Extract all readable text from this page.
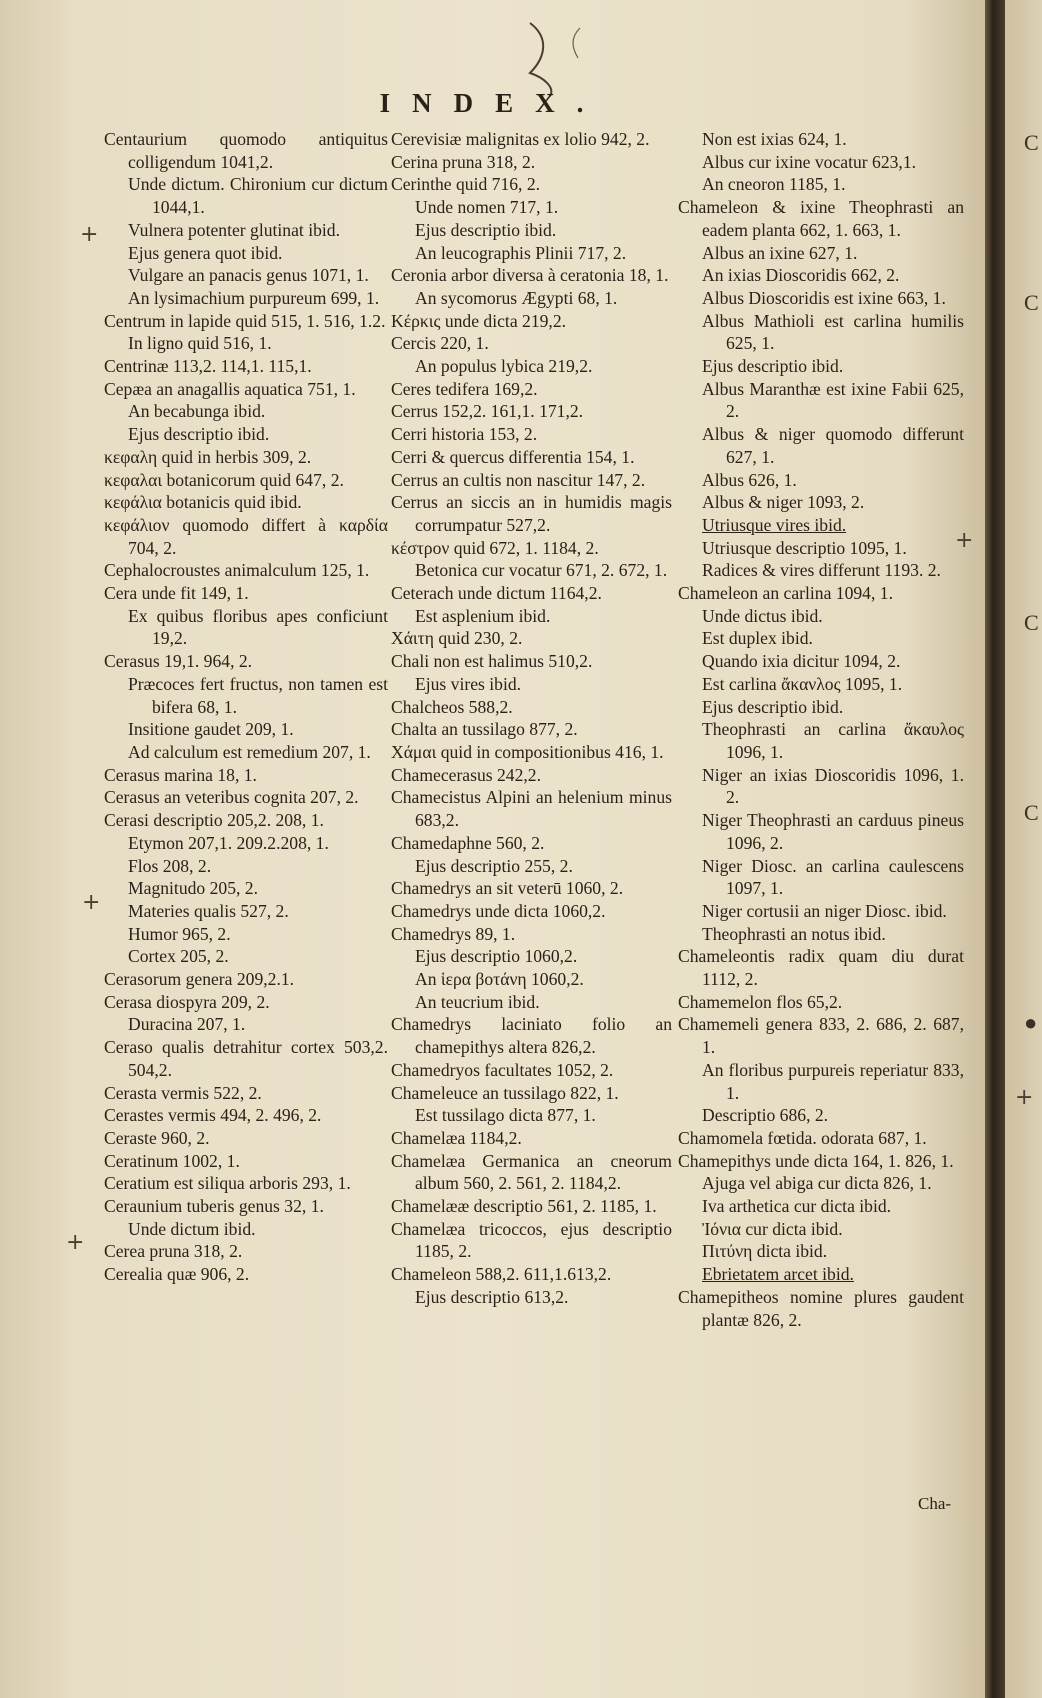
INDEX.
Centaurium quomodo antiquitus colligendum 1041,2.
Unde dictum. Chironium cur dictum 1044,1.
Vulnera potenter glutinat ibid.
Ejus genera quot ibid.
Vulgare an panacis genus 1071, 1.
An lysimachium purpureum 699, 1.
Centrum in lapide quid 515, 1. 516, 1.2.
In ligno quid 516, 1.
Centrinæ 113,2. 114,1. 115,1.
Cepæa an anagallis aquatica 751, 1.
An becabunga ibid.
Ejus descriptio ibid.
κεφαλη quid in herbis 309, 2.
κεφαλαι botanicorum quid 647, 2.
κεφάλια botanicis quid ibid.
κεφάλιον quomodo differt à καρδία 704, 2.
Cephalocroustes animalculum 125, 1.
Cera unde fit 149, 1.
Ex quibus floribus apes conficiunt 19,2.
Cerasus 19,1. 964, 2.
Præcoces fert fructus, non tamen est bifera 68, 1.
Insitione gaudet 209, 1.
Ad calculum est remedium 207, 1.
Cerasus marina 18, 1.
Cerasus an veteribus cognita 207, 2.
Cerasi descriptio 205,2. 208, 1.
Etymon 207,1. 209.2.208, 1.
Flos 208, 2.
Magnitudo 205, 2.
Materies qualis 527, 2.
Humor 965, 2.
Cortex 205, 2.
Cerasorum genera 209,2.1.
Cerasa diospyra 209, 2.
Duracina 207, 1.
Ceraso qualis detrahitur cortex 503,2. 504,2.
Cerasta vermis 522, 2.
Cerastes vermis 494, 2. 496, 2.
Ceraste 960, 2.
Ceratinum 1002, 1.
Ceratium est siliqua arboris 293, 1.
Ceraunium tuberis genus 32, 1.
Unde dictum ibid.
Cerea pruna 318, 2.
Cerealia quæ 906, 2.
Cerevisiæ malignitas ex lolio 942, 2.
Cerina pruna 318, 2.
Cerinthe quid 716, 2.
Unde nomen 717, 1.
Ejus descriptio ibid.
An leucographis Plinii 717, 2.
Ceronia arbor diversa à ceratonia 18, 1.
An sycomorus Ægypti 68, 1.
Κέρκις unde dicta 219,2.
Cercis 220, 1.
An populus lybica 219,2.
Ceres tedifera 169,2.
Cerrus 152,2. 161,1. 171,2.
Cerri historia 153, 2.
Cerri & quercus differentia 154, 1.
Cerrus an cultis non nascitur 147, 2.
Cerrus an siccis an in humidis magis corrumpatur 527,2.
κέστρον quid 672, 1. 1184, 2.
Betonica cur vocatur 671, 2. 672, 1.
Ceterach unde dictum 1164,2.
Est asplenium ibid.
Χάιτη quid 230, 2.
Chali non est halimus 510,2.
Ejus vires ibid.
Chalcheos 588,2.
Chalta an tussilago 877, 2.
Χάμαι quid in compositionibus 416, 1.
Chamecerasus 242,2.
Chamecistus Alpini an helenium minus 683,2.
Chamedaphne 560, 2.
Ejus descriptio 255, 2.
Chamedrys an sit veterū 1060, 2.
Chamedrys unde dicta 1060,2.
Chamedrys 89, 1.
Ejus descriptio 1060,2.
An ἱερα βοτάνη 1060,2.
An teucrium ibid.
Chamedrys laciniato folio an chamepithys altera 826,2.
Chamedryos facultates 1052, 2.
Chameleuce an tussilago 822, 1.
Est tussilago dicta 877, 1.
Chamelæa 1184,2.
Chamelæa Germanica an cneorum album 560, 2. 561, 2. 1184,2.
Chamelææ descriptio 561, 2. 1185, 1.
Chamelæa tricoccos, ejus descriptio 1185, 2.
Chameleon 588,2. 611,1.613,2.
Ejus descriptio 613,2.
Non est ixias 624, 1.
Albus cur ixine vocatur 623,1.
An cneoron 1185, 1.
Chameleon & ixine Theophrasti an eadem planta 662, 1. 663, 1.
Albus an ixine 627, 1.
An ixias Dioscoridis 662, 2.
Albus Dioscoridis est ixine 663, 1.
Albus Mathioli est carlina humilis 625, 1.
Ejus descriptio ibid.
Albus Maranthæ est ixine Fabii 625, 2.
Albus & niger quomodo differunt 627, 1.
Albus 626, 1.
Albus & niger 1093, 2.
Utriusque vires ibid.
Utriusque descriptio 1095, 1.
Radices & vires differunt 1193. 2.
Chameleon an carlina 1094, 1.
Unde dictus ibid.
Est duplex ibid.
Quando ixia dicitur 1094, 2.
Est carlina ἄκανλος 1095, 1.
Ejus descriptio ibid.
Theophrasti an carlina ἄκαυλος 1096, 1.
Niger an ixias Dioscoridis 1096, 1. 2.
Niger Theophrasti an carduus pineus 1096, 2.
Niger Diosc. an carlina caulescens 1097, 1.
Niger cortusii an niger Diosc. ibid.
Theophrasti an notus ibid.
Chameleontis radix quam diu durat 1112, 2.
Chamemelon flos 65,2.
Chamemeli genera 833, 2. 686, 2. 687, 1.
An floribus purpureis reperiatur 833, 1.
Descriptio 686, 2.
Chamomela fœtida. odorata 687, 1.
Chamepithys unde dicta 164, 1. 826, 1.
Ajuga vel abiga cur dicta 826, 1.
Iva arthetica cur dicta ibid.
Ἰόνια cur dicta ibid.
Πιτύνη dicta ibid.
Ebrietatem arcet ibid.
Chamepitheos nomine plures gaudent plantæ 826, 2.
Cha-
+
+
+
+
+
C
C
C
C
●
